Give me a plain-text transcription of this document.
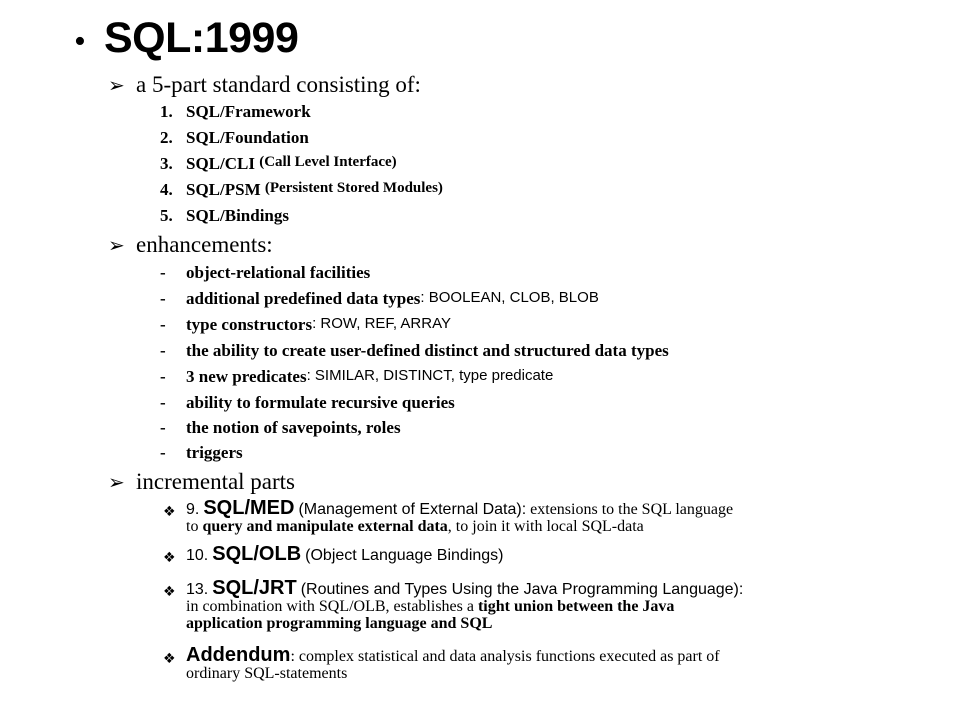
• SQL:1999
➢ a 5-part standard consisting of:
1. SQL/Framework
2. SQL/Foundation
3. SQL/CLI
(Call Level Interface)
4. SQL/PSM
(Persistent Stored Modules)
5. SQL/Bindings
➢ enhancements:
-	object-relational facilities
-	additional predefined data types : BOOLEAN, CLOB, BLOB
-	type constructors : ROW, REF, ARRAY
-	the ability to create user-defined distinct and structured data types
-	3 new predicates : SIMILAR, DISTINCT, type predicate
-	ability to formulate recursive queries
-	the notion of savepoints, roles
-	triggers
➢ incremental parts
❖ 9. SQL/MED (Management of External Data): extensions to the SQL language
to query and manipulate external data, to join it with local SQL-data
❖ 10. SQL/OLB (Object Language Bindings)
❖ 13. SQL/JRT (Routines and Types Using the Java Programming Language):
in combination with SQL/OLB, establishes a tight union between the Java
application programming language and SQL
❖ Addendum: complex statistical and data analysis functions executed as part of
ordinary SQL-statements
